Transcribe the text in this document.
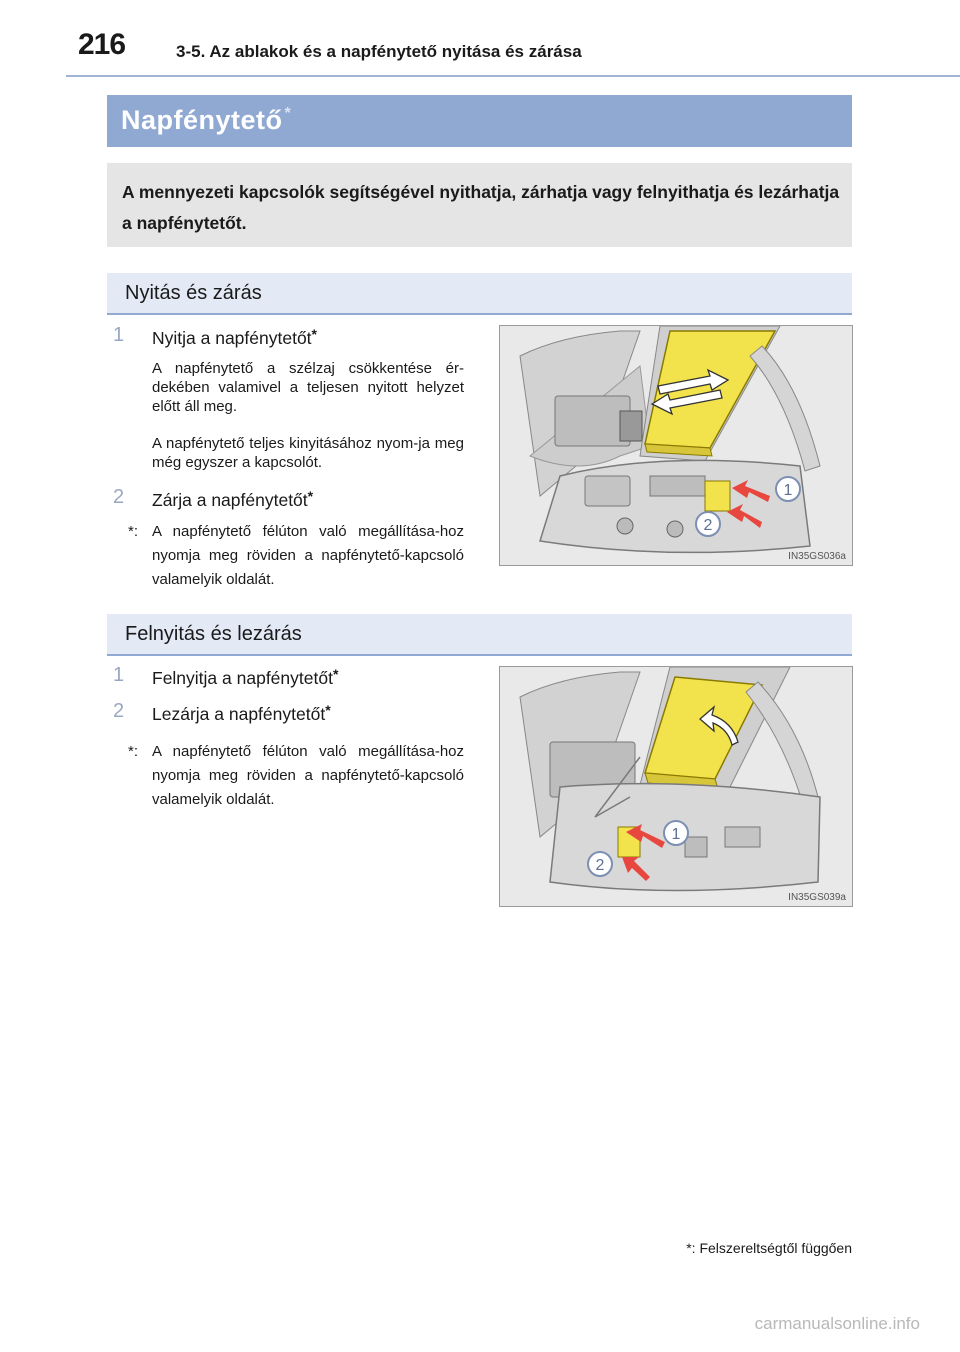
216	3-5. Az ablakok és a napfénytető nyitása és zárása
Napfénytető *
A mennyezeti kapcsolók segítségével nyithatja, zárhatja vagy felnyithatja és lezárhatja a napfénytetőt.
Nyitás és zárás
1 Nyitja a napfénytetőt*
A napfénytető a szélzaj csökkentése ér-dekében valamivel a teljesen nyitott helyzet előtt áll meg.
A napfénytető teljes kinyitásához nyom-ja meg még egyszer a kapcsolót.
2 Zárja a napfénytetőt*
*: A napfénytető félúton való megállítása-hoz nyomja meg röviden a napfénytető-kapcsoló valamelyik oldalát.
1
2
IN35GS036a
Felnyitás és lezárás
1 Felnyitja a napfénytetőt*
2 Lezárja a napfénytetőt*
*: A napfénytető félúton való megállítása-hoz nyomja meg röviden a napfénytető-kapcsoló valamelyik oldalát.
1
2
IN35GS039a
*: Felszereltségtől függően
carmanualsonline.info
